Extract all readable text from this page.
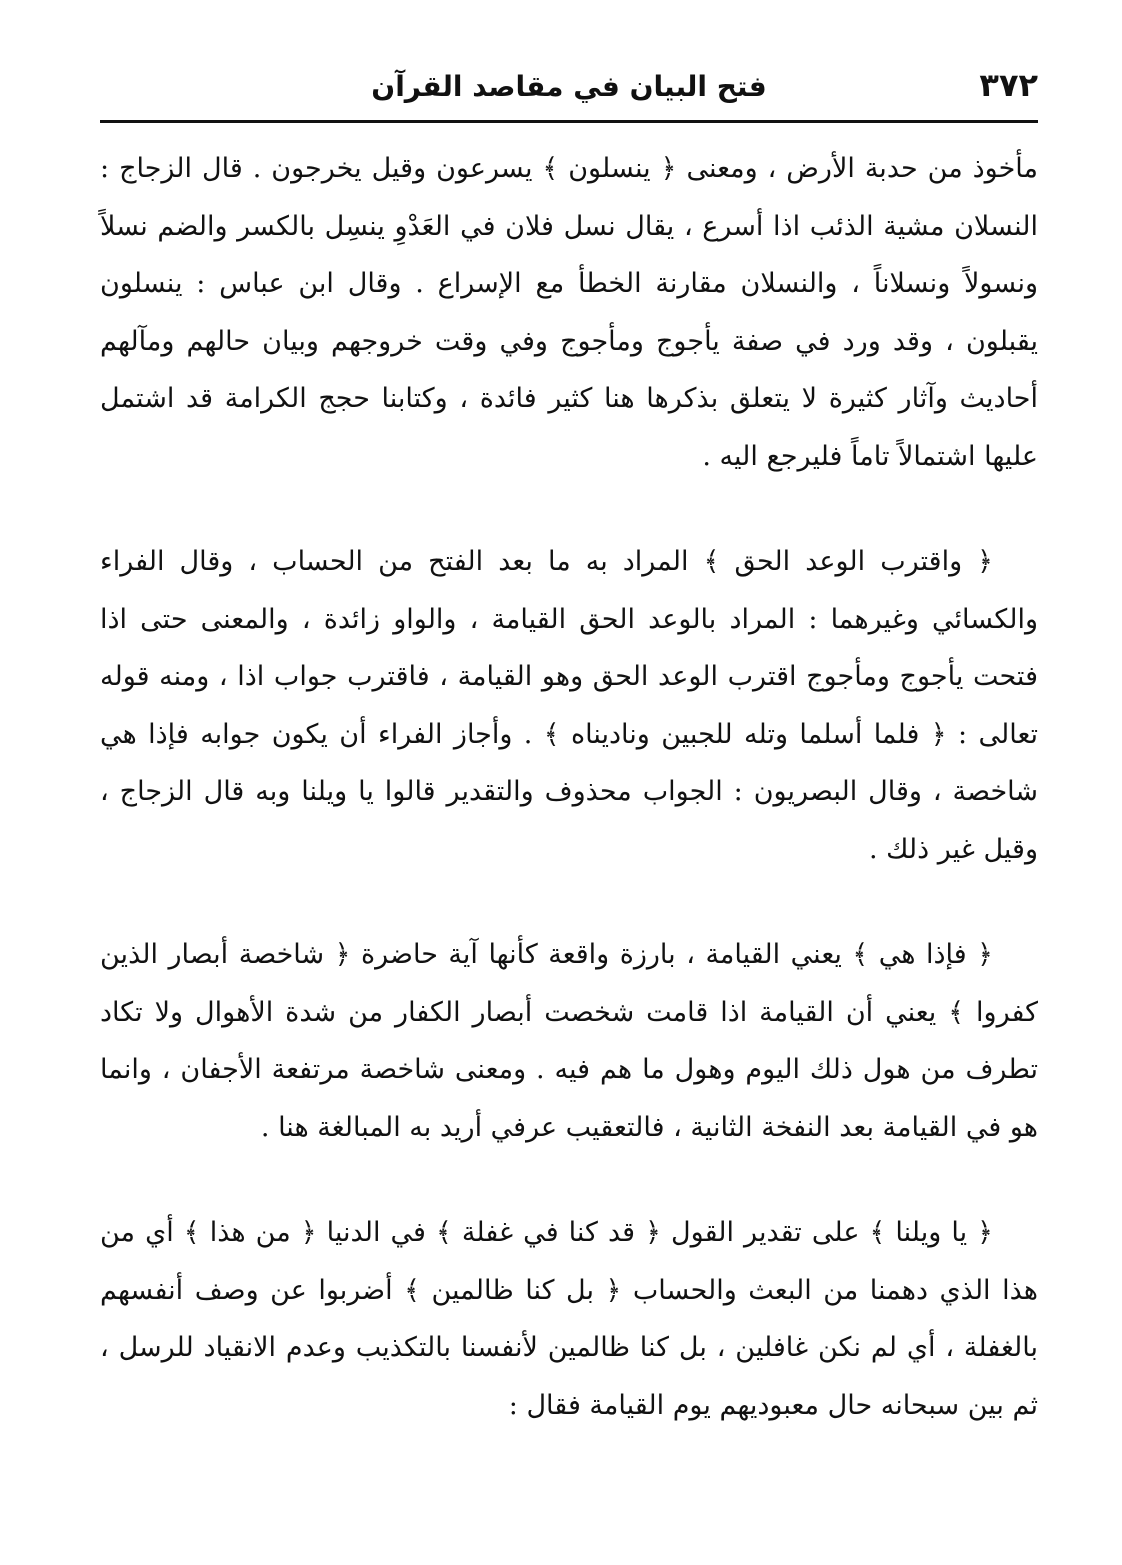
٣٧٢
فتح البيان في مقاصد القرآن

مأخوذ من حدبة الأرض ، ومعنى ﴿ ينسلون ﴾ يسرعون وقيل يخرجون . قال الزجاج : النسلان مشية الذئب اذا أسرع ، يقال نسل فلان في العَدْوِ ينسِل بالكسر والضم نسلاً ونسولاً ونسلاناً ، والنسلان مقارنة الخطأ مع الإسراع . وقال ابن عباس : ينسلون يقبلون ، وقد ورد في صفة يأجوج ومأجوج وفي وقت خروجهم وبيان حالهم ومآلهم أحاديث وآثار كثيرة لا يتعلق بذكرها هنا كثير فائدة ، وكتابنا حجج الكرامة قد اشتمل عليها اشتمالاً تاماً فليرجع اليه .

﴿ واقترب الوعد الحق ﴾ المراد به ما بعد الفتح من الحساب ، وقال الفراء والكسائي وغيرهما : المراد بالوعد الحق القيامة ، والواو زائدة ، والمعنى حتى اذا فتحت يأجوج ومأجوج اقترب الوعد الحق وهو القيامة ، فاقترب جواب اذا ، ومنه قوله تعالى : ﴿ فلما أسلما وتله للجبين وناديناه ﴾ . وأجاز الفراء أن يكون جوابه فإذا هي شاخصة ، وقال البصريون : الجواب محذوف والتقدير قالوا يا ويلنا وبه قال الزجاج ، وقيل غير ذلك .

﴿ فإذا هي ﴾ يعني القيامة ، بارزة واقعة كأنها آية حاضرة ﴿ شاخصة أبصار الذين كفروا ﴾ يعني أن القيامة اذا قامت شخصت أبصار الكفار من شدة الأهوال ولا تكاد تطرف من هول ذلك اليوم وهول ما هم فيه . ومعنى شاخصة مرتفعة الأجفان ، وانما هو في القيامة بعد النفخة الثانية ، فالتعقيب عرفي أريد به المبالغة هنا .

﴿ يا ويلنا ﴾ على تقدير القول ﴿ قد كنا في غفلة ﴾ في الدنيا ﴿ من هذا ﴾ أي من هذا الذي دهمنا من البعث والحساب ﴿ بل كنا ظالمين ﴾ أضربوا عن وصف أنفسهم بالغفلة ، أي لم نكن غافلين ، بل كنا ظالمين لأنفسنا بالتكذيب وعدم الانقياد للرسل ، ثم بين سبحانه حال معبوديهم يوم القيامة فقال :
